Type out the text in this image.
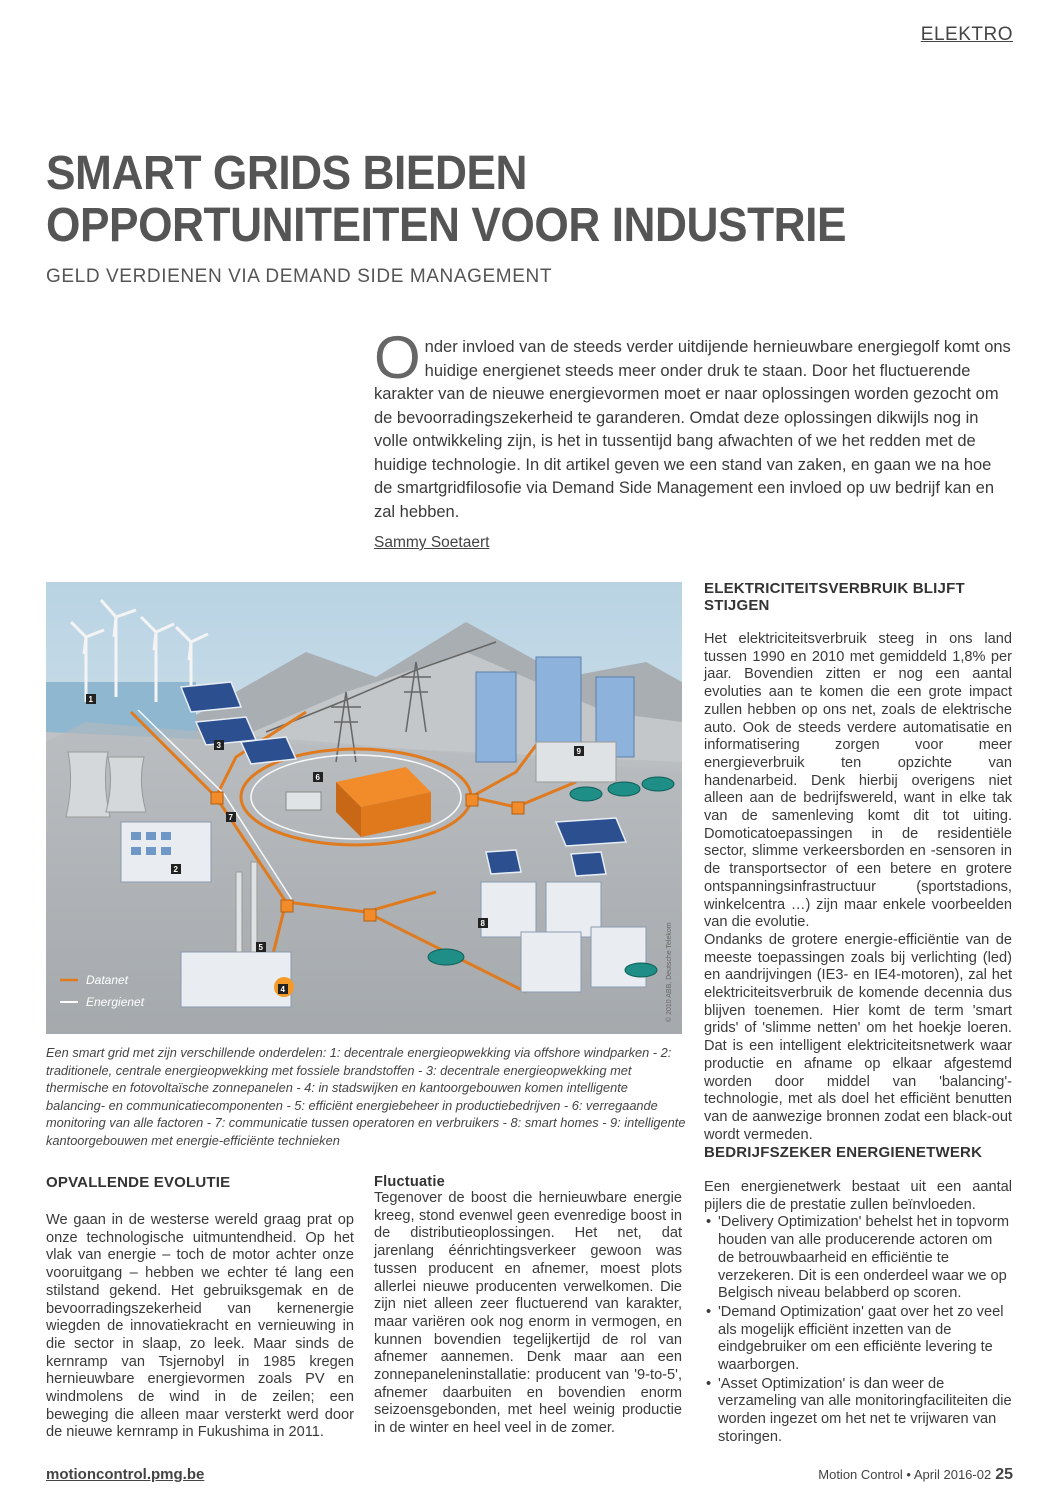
ELEKTRO
SMART GRIDS BIEDEN
OPPORTUNITEITEN VOOR INDUSTRIE
GELD VERDIENEN VIA DEMAND SIDE MANAGEMENT
Onder invloed van de steeds verder uitdijende hernieuwbare energiegolf komt ons huidige energienet steeds meer onder druk te staan. Door het fluctuerende karakter van de nieuwe energievormen moet er naar oplossingen worden gezocht om de bevoorradingszekerheid te garanderen. Omdat deze oplossingen dikwijls nog in volle ontwikkeling zijn, is het in tussentijd bang afwachten of we het redden met de huidige technologie. In dit artikel geven we een stand van zaken, en gaan we na hoe de smartgridfilosofie via Demand Side Management een invloed op uw bedrijf kan en zal hebben.
Sammy Soetaert
1
2
3
4
5
6
7
8
9
Datanet
Energienet	© 2010 ABB, Deutsche Telekom
Een smart grid met zijn verschillende onderdelen: 1: decentrale energieopwekking via offshore windparken - 2: traditionele, centrale energieopwekking met fossiele brandstoffen - 3: decentrale energieopwekking met thermische en fotovoltaïsche zonnepanelen - 4: in stadswijken en kantoorgebouwen komen intelligente balancing- en communicatiecomponenten - 5: efficiënt energiebeheer in productiebedrijven - 6: verregaande monitoring van alle factoren - 7: communicatie tussen operatoren en verbruikers - 8: smart homes - 9: intelligente kantoorgebouwen met energie-efficiënte technieken
OPVALLENDE EVOLUTIE
We gaan in de westerse wereld graag prat op onze technologische uitmuntendheid. Op het vlak van energie – toch de motor achter onze vooruitgang – hebben we echter té lang een stilstand gekend. Het gebruiksgemak en de bevoorradingszekerheid van kernenergie wiegden de innovatiekracht en vernieuwing in die sector in slaap, zo leek. Maar sinds de kernramp van Tsjernobyl in 1985 kregen hernieuwbare energievormen zoals PV en windmolens de wind in de zeilen; een beweging die alleen maar versterkt werd door de nieuwe kernramp in Fukushima in 2011.
Fluctuatie
Tegenover de boost die hernieuwbare energie kreeg, stond evenwel geen evenredige boost in de distributieoplossingen. Het net, dat jarenlang éénrichtingsverkeer gewoon was tussen producent en afnemer, moest plots allerlei nieuwe producenten verwelkomen. Die zijn niet alleen zeer fluctuerend van karakter, maar variëren ook nog enorm in vermogen, en kunnen bovendien tegelijkertijd de rol van afnemer aannemen. Denk maar aan een zonnepaneleninstallatie: producent van '9-to-5', afnemer daarbuiten en bovendien enorm seizoensgebonden, met heel weinig productie in de winter en heel veel in de zomer.
ELEKTRICITEITSVERBRUIK BLIJFT STIJGEN
Het elektriciteitsverbruik steeg in ons land tussen 1990 en 2010 met gemiddeld 1,8% per jaar. Bovendien zitten er nog een aantal evoluties aan te komen die een grote impact zullen hebben op ons net, zoals de elektrische auto. Ook de steeds verdere automatisatie en informatisering zorgen voor meer energieverbruik ten opzichte van handenarbeid. Denk hierbij overigens niet alleen aan de bedrijfswereld, want in elke tak van de samenleving komt dit tot uiting. Domoticatoepassingen in de residentiële sector, slimme verkeersborden en -sensoren in de transportsector of een betere en grotere ontspanningsinfrastructuur (sportstadions, winkelcentra …) zijn maar enkele voorbeelden van die evolutie.
Ondanks de grotere energie-efficiëntie van de meeste toepassingen zoals bij verlichting (led) en aandrijvingen (IE3- en IE4-motoren), zal het elektriciteitsverbruik de komende decennia dus blijven toenemen. Hier komt de term 'smart grids' of 'slimme netten' om het hoekje loeren. Dat is een intelligent elektriciteitsnetwerk waar productie en afname op elkaar afgestemd worden door middel van 'balancing'-technologie, met als doel het efficiënt benutten van de aanwezige bronnen zodat een black-out wordt vermeden.
BEDRIJFSZEKER ENERGIENETWERK
Een energienetwerk bestaat uit een aantal pijlers die de prestatie zullen beïnvloeden.
• 'Delivery Optimization' behelst het in topvorm houden van alle producerende actoren om de betrouwbaarheid en efficiëntie te verzekeren. Dit is een onderdeel waar we op Belgisch niveau belabberd op scoren.
• 'Demand Optimization' gaat over het zo veel als mogelijk efficiënt inzetten van de eindgebruiker om een efficiënte levering te waarborgen.
• 'Asset Optimization' is dan weer de verzameling van alle monitoringfaciliteiten die worden ingezet om het net te vrijwaren van storingen.
motioncontrol.pmg.be	Motion Control • April 2016-02 25
